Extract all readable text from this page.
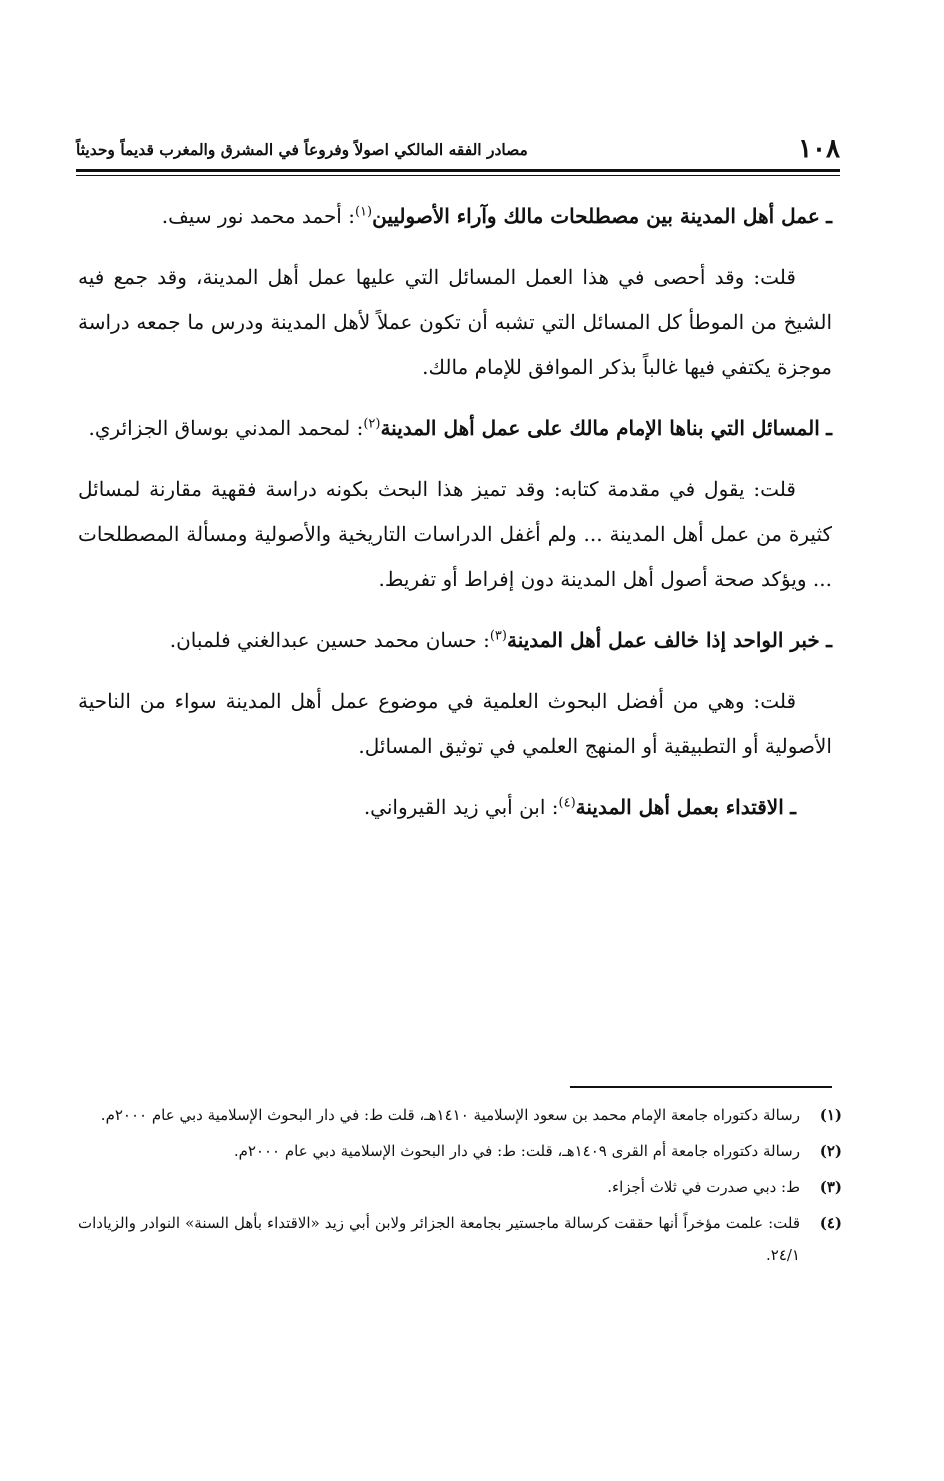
١٠٨
مصادر الفقه المالكي اصولاً وفروعاً في المشرق والمغرب قديماً وحديثاً

ـ عمل أهل المدينة بين مصطلحات مالك وآراء الأصوليين$^{(١)}$: أحمد محمد نور سيف.

قلت: وقد أحصى في هذا العمل المسائل التي عليها عمل أهل المدينة، وقد جمع فيه الشيخ من الموطأ كل المسائل التي تشبه أن تكون عملاً لأهل المدينة ودرس ما جمعه دراسة موجزة يكتفي فيها غالباً بذكر الموافق للإمام مالك.

ـ المسائل التي بناها الإمام مالك على عمل أهل المدينة$^{(٢)}$: لمحمد المدني بوساق الجزائري.

قلت: يقول في مقدمة كتابه: وقد تميز هذا البحث بكونه دراسة فقهية مقارنة لمسائل كثيرة من عمل أهل المدينة ... ولم أغفل الدراسات التاريخية والأصولية ومسألة المصطلحات ... ويؤكد صحة أصول أهل المدينة دون إفراط أو تفريط.

ـ خبر الواحد إذا خالف عمل أهل المدينة$^{(٣)}$: حسان محمد حسين عبدالغني فلمبان.

قلت: وهي من أفضل البحوث العلمية في موضوع عمل أهل المدينة سواء من الناحية الأصولية أو التطبيقية أو المنهج العلمي في توثيق المسائل.

ـ الاقتداء بعمل أهل المدينة$^{(٤)}$: ابن أبي زيد القيرواني.

(١)
رسالة دكتوراه جامعة الإمام محمد بن سعود الإسلامية ١٤١٠هـ، قلت ط: في دار البحوث الإسلامية دبي عام ٢٠٠٠م.
(٢)
رسالة دكتوراه جامعة أم القرى ١٤٠٩هـ، قلت: ط: في دار البحوث الإسلامية دبي عام ٢٠٠٠م.
(٣)
ط: دبي صدرت في ثلاث أجزاء.
(٤)
قلت: علمت مؤخراً أنها حققت كرسالة ماجستير بجامعة الجزائر ولابن أبي زيد «الاقتداء بأهل السنة» النوادر والزيادات ٢٤/١.
